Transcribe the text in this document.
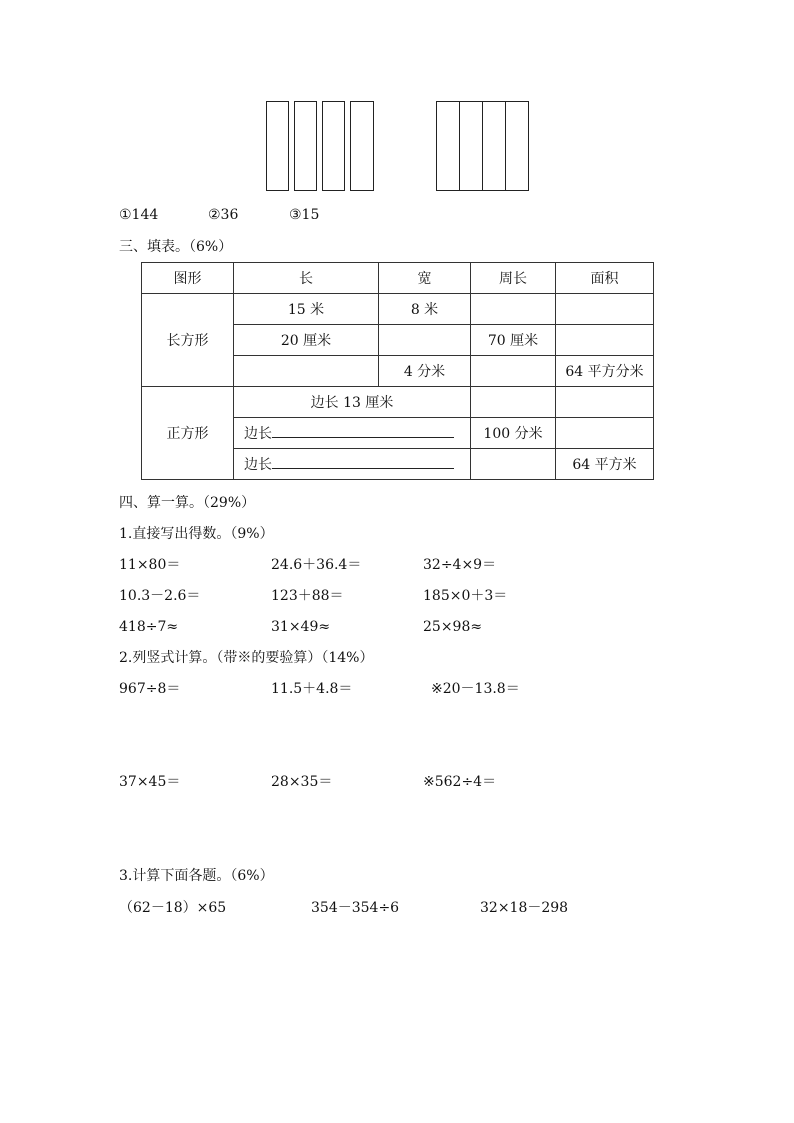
①144	②36	③15
三、填表。（6%）
图形	长	宽	周长	面积
长方形	15 米	8 米		
	20 厘米		70 厘米	
		4 分米		64 平方分米
正方形	边长 13 厘米			
	边长		100 分米	
	边长			64 平方米
四、算一算。（29%）
1.直接写出得数。（9%）
11×80＝	24.6＋36.4＝	32÷4×9＝
10.3－2.6＝	123＋88＝	185×0＋3＝
418÷7≈	31×49≈	25×98≈
2.列竖式计算。（带※的要验算）（14%）
967÷8＝	11.5＋4.8＝	※20－13.8＝
37×45＝	28×35＝	※562÷4＝
3.计算下面各题。（6%）
（62－18）×65	354－354÷6	32×18－298
